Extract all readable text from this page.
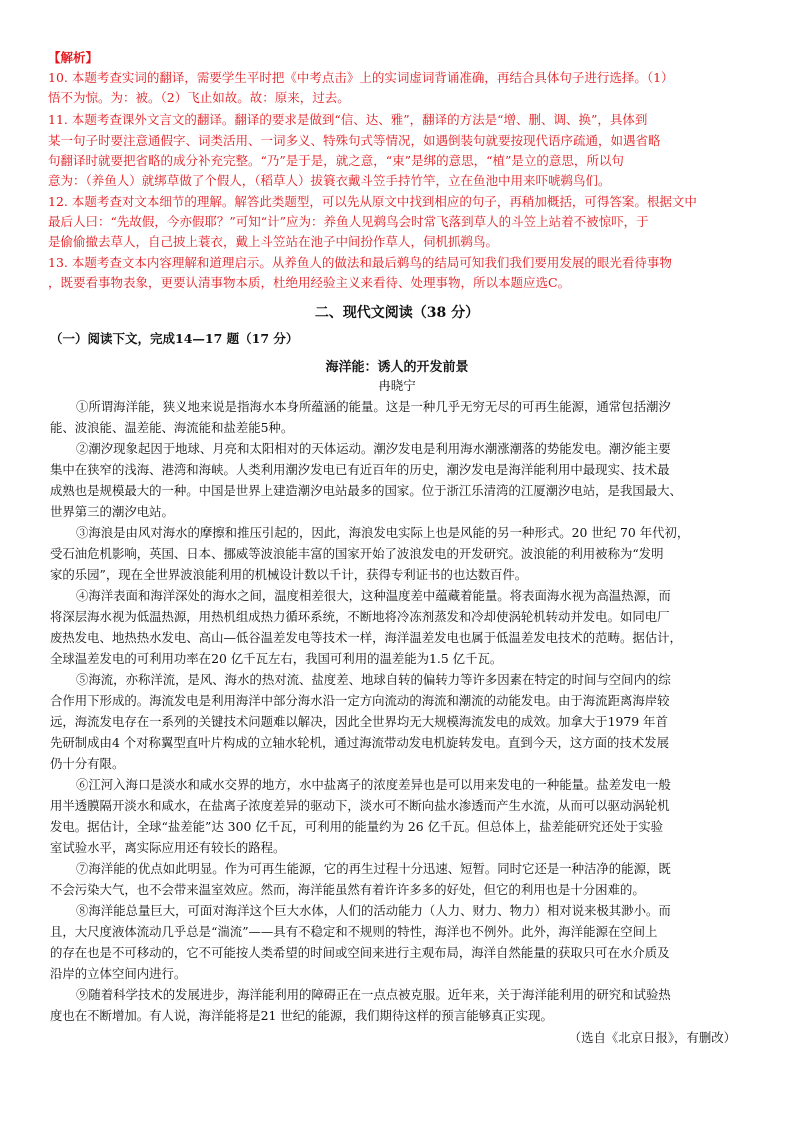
【解析】
10. 本题考查实词的翻译，需要学生平时把《中考点击》上的实词虚词背诵准确，再结合具体句子进行选择。（1）
悟不为惊。为：被。（2）飞止如故。故：原来，过去。
11. 本题考查课外文言文的翻译。翻译的要求是做到“信、达、雅”，翻译的方法是“增、删、调、换”，具体到
某一句子时要注意通假字、词类活用、一词多义、特殊句式等情况，如遇倒装句就要按现代语序疏通，如遇省略
句翻译时就要把省略的成分补充完整。“乃”是于是，就之意，“束”是绑的意思，“植”是立的意思，所以句
意为：（养鱼人）就绑草做了个假人，（稻草人）拔簑衣戴斗笠手持竹竿，立在鱼池中用来吓唬鹈鸟们。
12. 本题考查对文本细节的理解。解答此类题型，可以先从原文中找到相应的句子，再稍加概括，可得答案。根据文中
最后人曰：“先故假，今亦假耶？”可知“计”应为：养鱼人见鹈鸟会时常飞落到草人的斗笠上站着不被惊吓，于
是偷偷撤去草人，自己披上蓑衣，戴上斗笠站在池子中间扮作草人，伺机抓鹈鸟。
13. 本题考查文本内容理解和道理启示。从养鱼人的做法和最后鹈鸟的结局可知我们我们要用发展的眼光看待事物
，既要看事物表象，更要认清事物本质，杜绝用经验主义来看待、处理事物，所以本题应选C。
二、现代文阅读（38 分）
（一）阅读下文，完成14—17 题（17 分）
海洋能：诱人的开发前景
冉晓宁
①所谓海洋能，狭义地来说是指海水本身所蕴涵的能量。这是一种几乎无穷无尽的可再生能源，通常包括潮汐
能、波浪能、温差能、海流能和盐差能5种。
②潮汐现象起因于地球、月亮和太阳相对的天体运动。潮汐发电是利用海水潮涨潮落的势能发电。潮汐能主要
集中在狭窄的浅海、港湾和海峡。人类利用潮汐发电已有近百年的历史，潮汐发电是海洋能利用中最现实、技术最
成熟也是规模最大的一种。中国是世界上建造潮汐电站最多的国家。位于浙江乐清湾的江厦潮汐电站，是我国最大、
世界第三的潮汐电站。
③海浪是由风对海水的摩擦和推压引起的，因此，海浪发电实际上也是风能的另一种形式。20 世纪 70 年代初，
受石油危机影响，英国、日本、挪威等波浪能丰富的国家开始了波浪发电的开发研究。波浪能的利用被称为“发明
家的乐园”，现在全世界波浪能利用的机械设计数以千计，获得专利证书的也达数百件。
④海洋表面和海洋深处的海水之间，温度相差很大，这种温度差中蕴藏着能量。将表面海水视为高温热源，而
将深层海水视为低温热源，用热机组成热力循环系统，不断地将冷冻剂蒸发和冷却使涡轮机转动并发电。如同电厂
废热发电、地热热水发电、高山—低谷温差发电等技术一样，海洋温差发电也属于低温差发电技术的范畴。据估计，
全球温差发电的可利用功率在20 亿千瓦左右，我国可利用的温差能为1.5 亿千瓦。
⑤海流，亦称洋流，是风、海水的热对流、盐度差、地球自转的偏转力等许多因素在特定的时间与空间内的综
合作用下形成的。海流发电是利用海洋中部分海水沿一定方向流动的海流和潮流的动能发电。由于海流距离海岸较
远，海流发电存在一系列的关键技术问题难以解决，因此全世界均无大规模海流发电的成效。加拿大于1979 年首
先研制成由4 个对称翼型直叶片构成的立轴水轮机，通过海流带动发电机旋转发电。直到今天，这方面的技术发展
仍十分有限。
⑥江河入海口是淡水和咸水交界的地方，水中盐离子的浓度差异也是可以用来发电的一种能量。盐差发电一般
用半透膜隔开淡水和咸水，在盐离子浓度差异的驱动下，淡水可不断向盐水渗透而产生水流，从而可以驱动涡轮机
发电。据估计，全球“盐差能”达 300 亿千瓦，可利用的能量约为 26 亿千瓦。但总体上，盐差能研究还处于实验
室试验水平，离实际应用还有较长的路程。
⑦海洋能的优点如此明显。作为可再生能源，它的再生过程十分迅速、短暂。同时它还是一种洁净的能源，既
不会污染大气，也不会带来温室效应。然而，海洋能虽然有着许许多多的好处，但它的利用也是十分困难的。
⑧海洋能总量巨大，可面对海洋这个巨大水体，人们的活动能力（人力、财力、物力）相对说来极其渺小。而
且，大尺度液体流动几乎总是“湍流”——具有不稳定和不规则的特性，海洋也不例外。此外，海洋能源在空间上
的存在也是不可移动的，它不可能按人类希望的时间或空间来进行主观布局，海洋自然能量的获取只可在水介质及
沿岸的立体空间内进行。
⑨随着科学技术的发展进步，海洋能利用的障碍正在一点点被克服。近年来，关于海洋能利用的研究和试验热
度也在不断增加。有人说，海洋能将是21 世纪的能源，我们期待这样的预言能够真正实现。
（选自《北京日报》，有删改）
